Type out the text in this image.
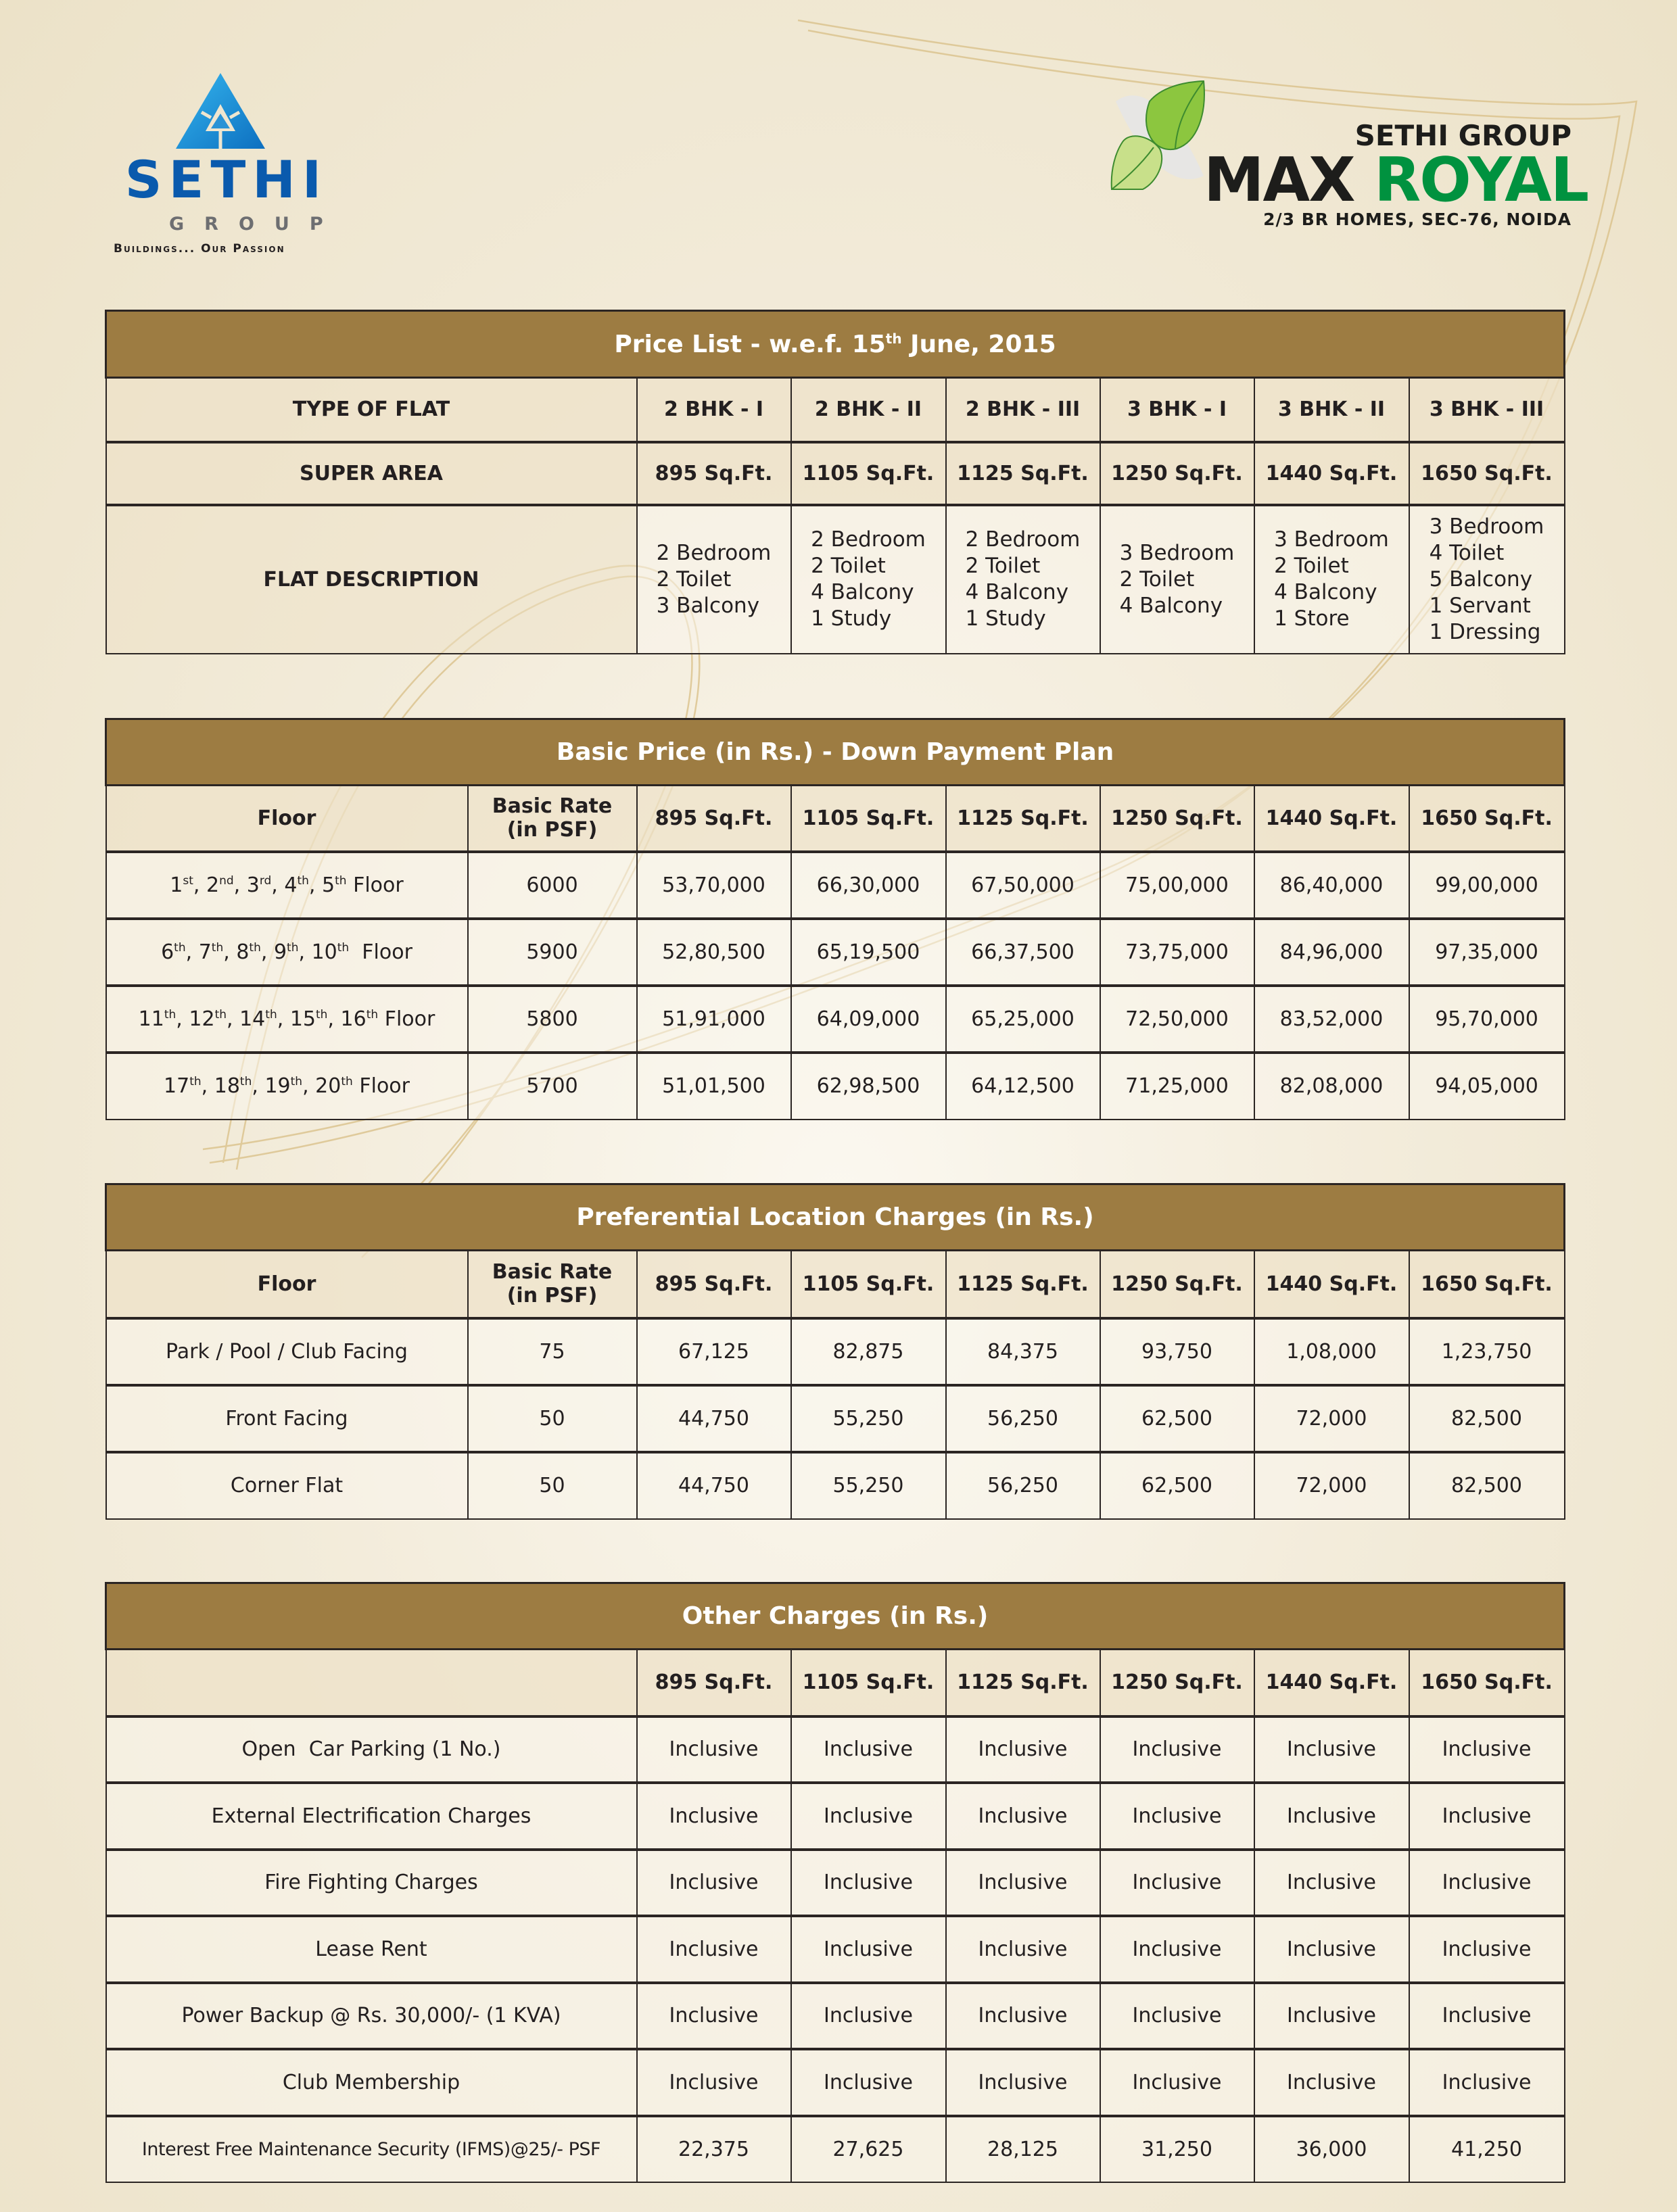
SETHI
GROUP
Buildings... Our Passion
SETHI GROUP
MAX ROYAL
2/3 BR HOMES, SEC-76, NOIDA
Price List - w.e.f. 15th June, 2015						
TYPE OF FLAT	2 BHK - I	2 BHK - II	2 BHK - III	3 BHK - I	3 BHK - II	3 BHK - III
SUPER AREA	895 Sq.Ft.	1105 Sq.Ft.	1125 Sq.Ft.	1250 Sq.Ft.	1440 Sq.Ft.	1650 Sq.Ft.
FLAT DESCRIPTION	2 Bedroom
2 Toilet
3 Balcony	2 Bedroom
2 Toilet
4 Balcony
1 Study	2 Bedroom
2 Toilet
4 Balcony
1 Study	3 Bedroom
2 Toilet
4 Balcony	3 Bedroom
2 Toilet
4 Balcony
1 Store	3 Bedroom
4 Toilet
5 Balcony
1 Servant
1 Dressing
Basic Price (in Rs.) - Down Payment Plan							
Floor	Basic Rate
(in PSF)	895 Sq.Ft.	1105 Sq.Ft.	1125 Sq.Ft.	1250 Sq.Ft.	1440 Sq.Ft.	1650 Sq.Ft.
1st, 2nd, 3rd, 4th, 5th Floor	6000	53,70,000	66,30,000	67,50,000	75,00,000	86,40,000	99,00,000
6th, 7th, 8th, 9th, 10th  Floor	5900	52,80,500	65,19,500	66,37,500	73,75,000	84,96,000	97,35,000
11th, 12th, 14th, 15th, 16th Floor	5800	51,91,000	64,09,000	65,25,000	72,50,000	83,52,000	95,70,000
17th, 18th, 19th, 20th Floor	5700	51,01,500	62,98,500	64,12,500	71,25,000	82,08,000	94,05,000
Preferential Location Charges (in Rs.)							
Floor	Basic Rate
(in PSF)	895 Sq.Ft.	1105 Sq.Ft.	1125 Sq.Ft.	1250 Sq.Ft.	1440 Sq.Ft.	1650 Sq.Ft.
Park / Pool / Club Facing	75	67,125	82,875	84,375	93,750	1,08,000	1,23,750
Front Facing	50	44,750	55,250	56,250	62,500	72,000	82,500
Corner Flat	50	44,750	55,250	56,250	62,500	72,000	82,500
Other Charges (in Rs.)						
	895 Sq.Ft.	1105 Sq.Ft.	1125 Sq.Ft.	1250 Sq.Ft.	1440 Sq.Ft.	1650 Sq.Ft.
Open  Car Parking (1 No.)	Inclusive	Inclusive	Inclusive	Inclusive	Inclusive	Inclusive
External Electrification Charges	Inclusive	Inclusive	Inclusive	Inclusive	Inclusive	Inclusive
Fire Fighting Charges	Inclusive	Inclusive	Inclusive	Inclusive	Inclusive	Inclusive
Lease Rent	Inclusive	Inclusive	Inclusive	Inclusive	Inclusive	Inclusive
Power Backup @ Rs. 30,000/- (1 KVA)	Inclusive	Inclusive	Inclusive	Inclusive	Inclusive	Inclusive
Club Membership	Inclusive	Inclusive	Inclusive	Inclusive	Inclusive	Inclusive
Interest Free Maintenance Security (IFMS)@25/- PSF	22,375	27,625	28,125	31,250	36,000	41,250
